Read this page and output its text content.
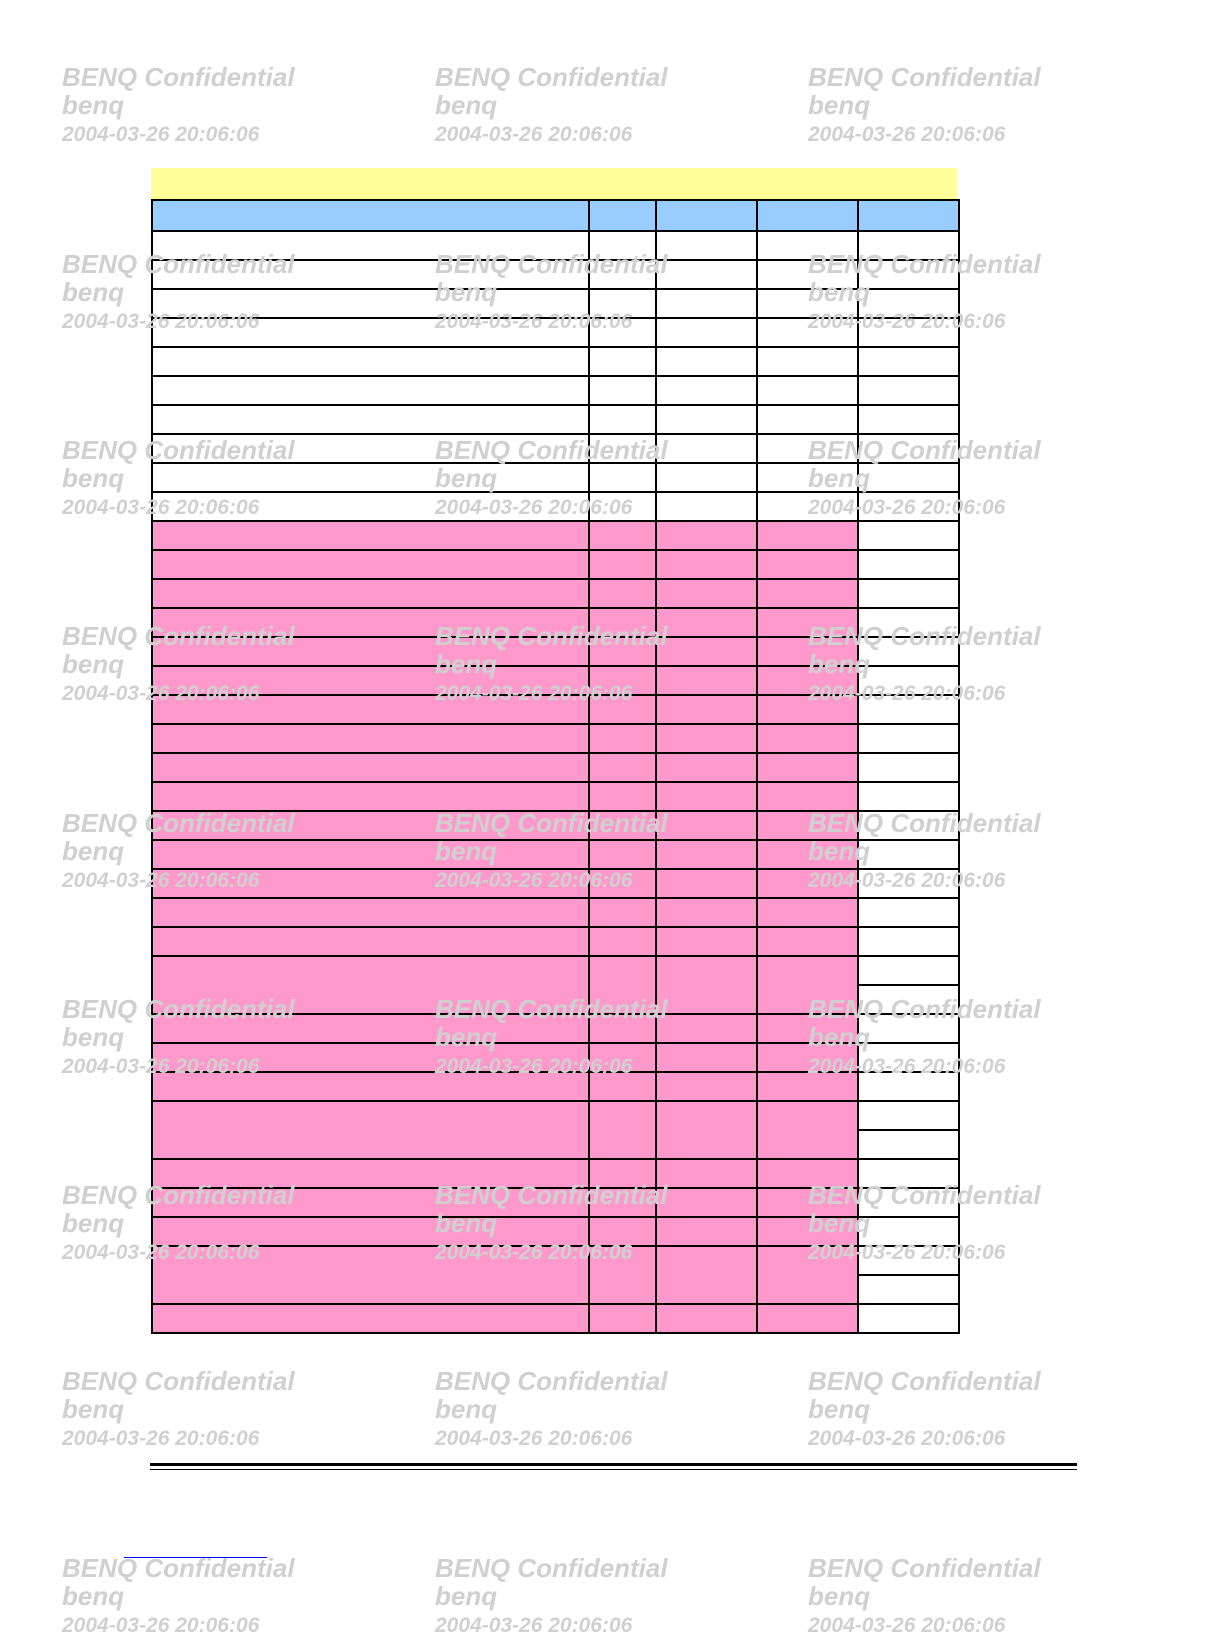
BENQ Confidential
benq
2004-03-26 20:06:06
BENQ Confidential
benq
2004-03-26 20:06:06
BENQ Confidential
benq
2004-03-26 20:06:06
BENQ Confidential
benq
2004-03-26 20:06:06
BENQ Confidential
benq
2004-03-26 20:06:06
BENQ Confidential
benq
2004-03-26 20:06:06
BENQ Confidential
benq
2004-03-26 20:06:06
BENQ Confidential
benq
2004-03-26 20:06:06
BENQ Confidential
benq
2004-03-26 20:06:06
BENQ Confidential
benq
2004-03-26 20:06:06
BENQ Confidential
benq
2004-03-26 20:06:06
BENQ Confidential
benq
2004-03-26 20:06:06
BENQ Confidential
benq
2004-03-26 20:06:06
BENQ Confidential
benq
2004-03-26 20:06:06
BENQ Confidential
benq
2004-03-26 20:06:06
BENQ Confidential
benq
2004-03-26 20:06:06
BENQ Confidential
benq
2004-03-26 20:06:06
BENQ Confidential
benq
2004-03-26 20:06:06
BENQ Confidential
benq
2004-03-26 20:06:06
BENQ Confidential
benq
2004-03-26 20:06:06
BENQ Confidential
benq
2004-03-26 20:06:06
BENQ Confidential
benq
2004-03-26 20:06:06
BENQ Confidential
benq
2004-03-26 20:06:06
BENQ Confidential
benq
2004-03-26 20:06:06
BENQ Confidential
benq
2004-03-26 20:06:06
BENQ Confidential
benq
2004-03-26 20:06:06
BENQ Confidential
benq
2004-03-26 20:06:06
